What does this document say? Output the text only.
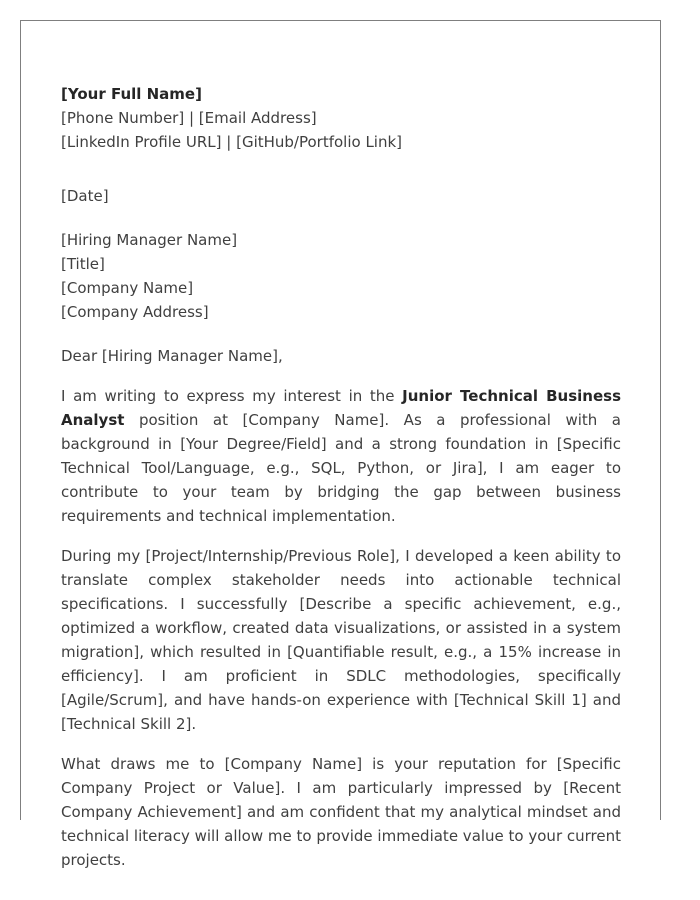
[Your Full Name]
[Phone Number] | [Email Address]
[LinkedIn Profile URL] | [GitHub/Portfolio Link]
[Date]
[Hiring Manager Name]
[Title]
[Company Name]
[Company Address]
Dear [Hiring Manager Name],

I am writing to express my interest in the Junior Technical Business Analyst position at [Company Name]. As a professional with a background in [Your Degree/Field] and a strong foundation in [Specific Technical Tool/Language, e.g., SQL, Python, or Jira], I am eager to contribute to your team by bridging the gap between business requirements and technical implementation.

During my [Project/Internship/Previous Role], I developed a keen ability to translate complex stakeholder needs into actionable technical specifications. I successfully [Describe a specific achievement, e.g., optimized a workflow, created data visualizations, or assisted in a system migration], which resulted in [Quantifiable result, e.g., a 15% increase in efficiency]. I am proficient in SDLC methodologies, specifically [Agile/Scrum], and have hands-on experience with [Technical Skill 1] and [Technical Skill 2].

What draws me to [Company Name] is your reputation for [Specific Company Project or Value]. I am particularly impressed by [Recent Company Achievement] and am confident that my analytical mindset and technical literacy will allow me to provide immediate value to your current projects.
